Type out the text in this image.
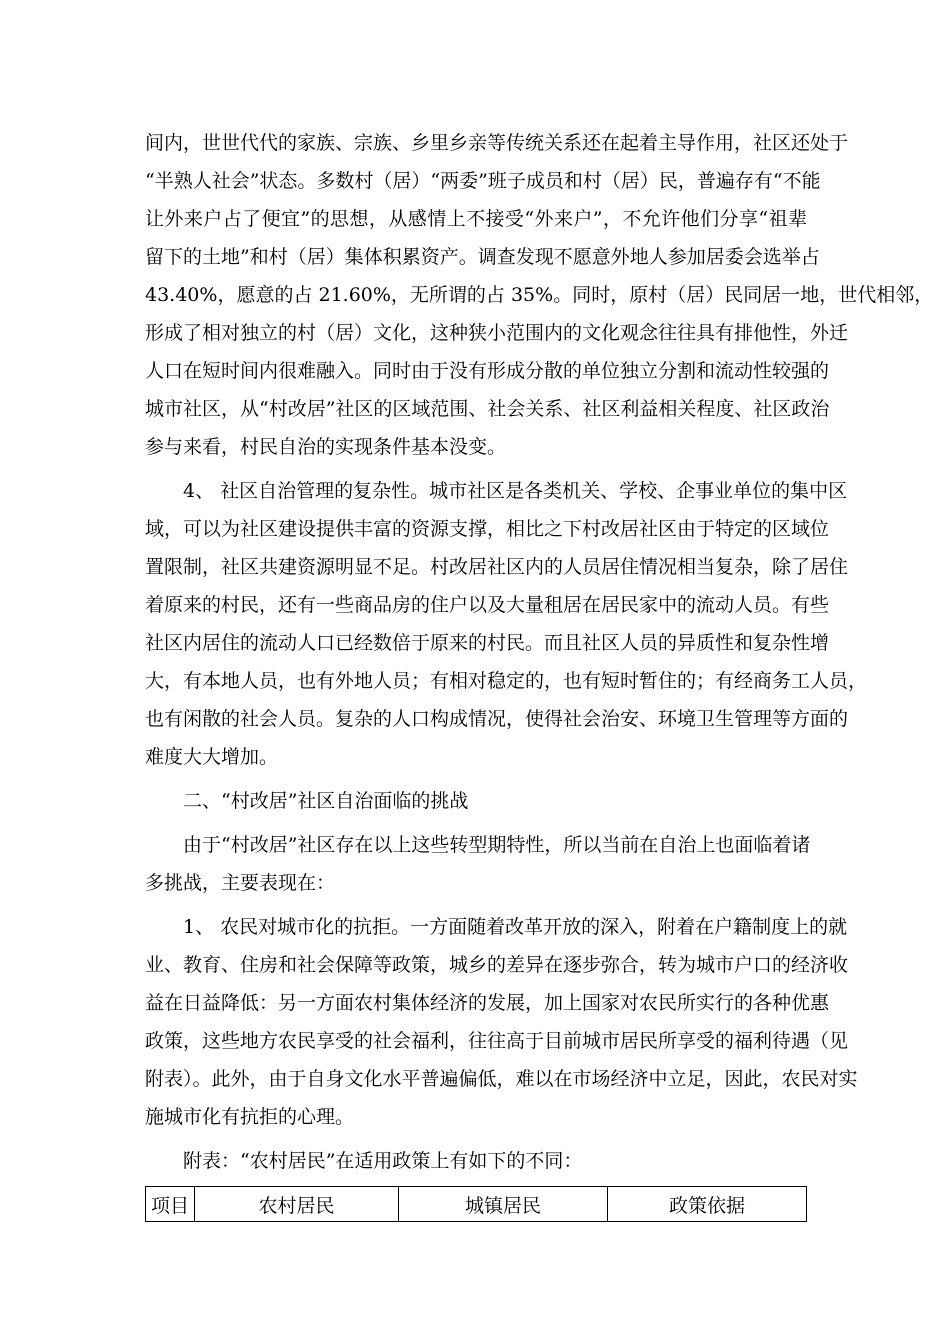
间内，世世代代的家族、宗族、乡里乡亲等传统关系还在起着主导作用，社区还处于
“半熟人社会”状态。多数村（居）“两委”班子成员和村（居）民，普遍存有“不能
让外来户占了便宜”的思想，从感情上不接受“外来户”，不允许他们分享“祖辈
留下的土地”和村（居）集体积累资产。调查发现不愿意外地人参加居委会选举占
43.40%，愿意的占 21.60%，无所谓的占 35%。同时，原村（居）民同居一地，世代相邻，
形成了相对独立的村（居）文化，这种狭小范围内的文化观念往往具有排他性，外迁
人口在短时间内很难融入。同时由于没有形成分散的单位独立分割和流动性较强的
城市社区，从“村改居”社区的区域范围、社会关系、社区利益相关程度、社区政治
参与来看，村民自治的实现条件基本没变。
4、 社区自治管理的复杂性。城市社区是各类机关、学校、企事业单位的集中区
域，可以为社区建设提供丰富的资源支撑，相比之下村改居社区由于特定的区域位
置限制，社区共建资源明显不足。村改居社区内的人员居住情况相当复杂，除了居住
着原来的村民，还有一些商品房的住户以及大量租居在居民家中的流动人员。有些
社区内居住的流动人口已经数倍于原来的村民。而且社区人员的异质性和复杂性增
大，有本地人员，也有外地人员；有相对稳定的，也有短时暂住的；有经商务工人员，
也有闲散的社会人员。复杂的人口构成情况，使得社会治安、环境卫生管理等方面的
难度大大增加。
二、“村改居”社区自治面临的挑战
由于“村改居”社区存在以上这些转型期特性，所以当前在自治上也面临着诸
多挑战，主要表现在：
1、 农民对城市化的抗拒。一方面随着改革开放的深入，附着在户籍制度上的就
业、教育、住房和社会保障等政策，城乡的差异在逐步弥合，转为城市户口的经济收
益在日益降低：另一方面农村集体经济的发展，加上国家对农民所实行的各种优惠
政策，这些地方农民享受的社会福利，往往高于目前城市居民所享受的福利待遇（见
附表）。此外，由于自身文化水平普遍偏低，难以在市场经济中立足，因此，农民对实
施城市化有抗拒的心理。
附表：“农村居民”在适用政策上有如下的不同：
项目	农村居民	城镇居民	政策依据
